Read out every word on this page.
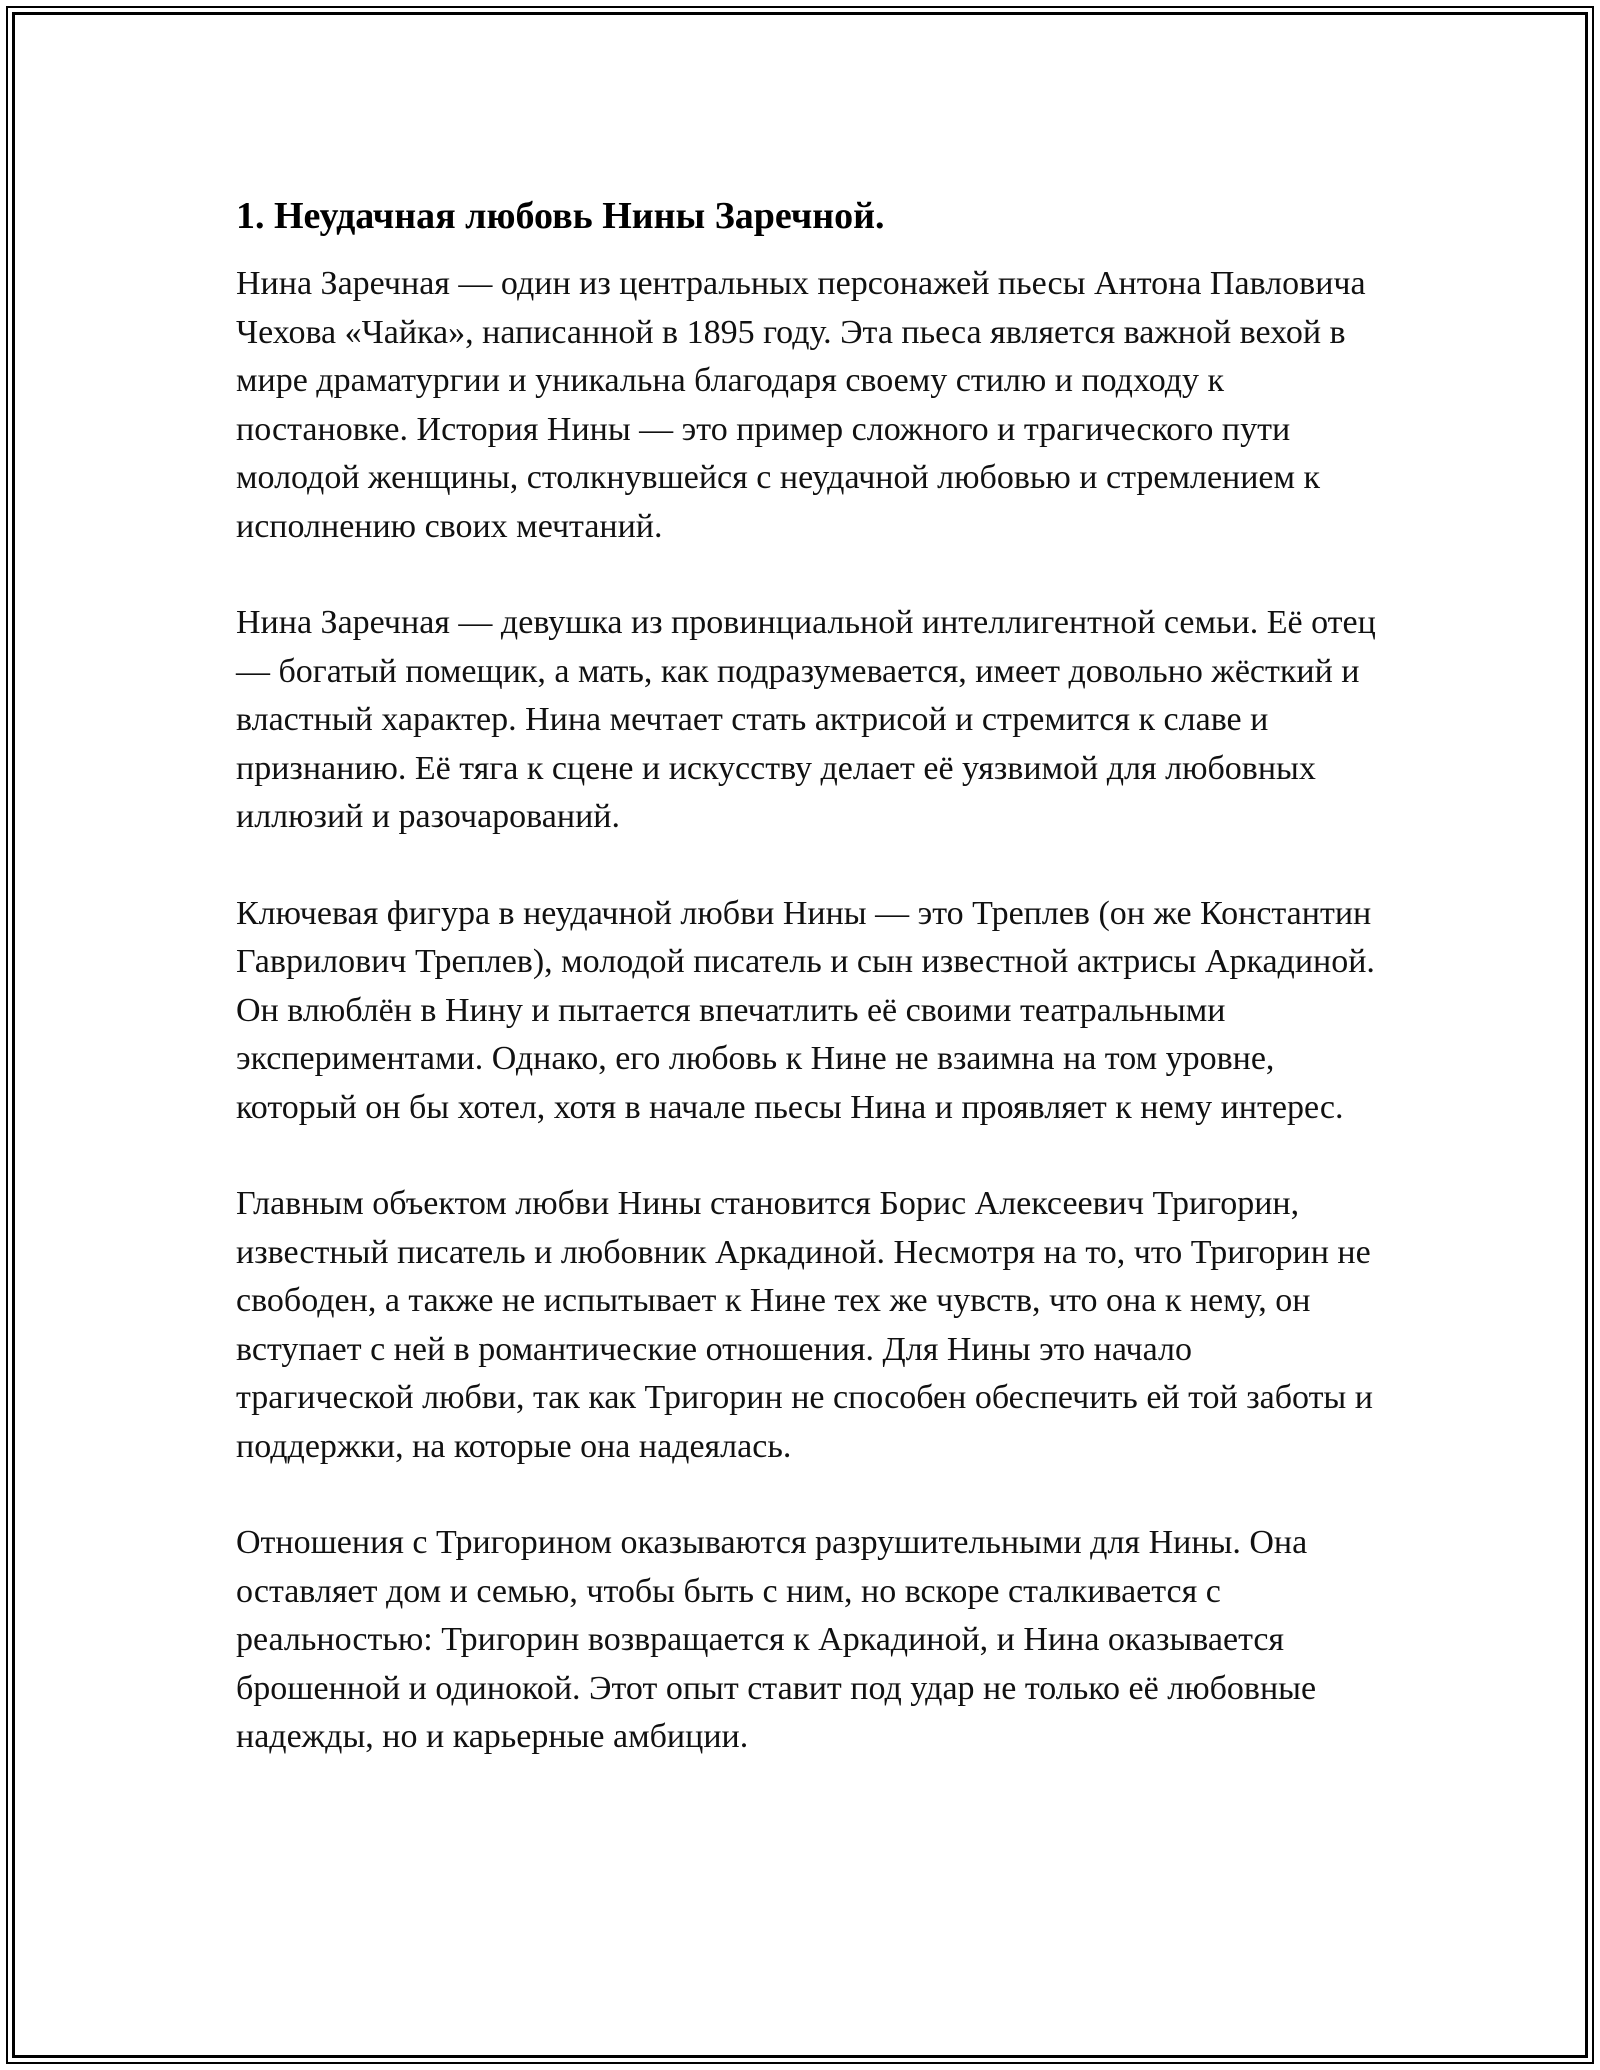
1. Неудачная любовь Нины Заречной.

Нина Заречная — один из центральных персонажей пьесы Антона Павловича Чехова «Чайка», написанной в 1895 году. Эта пьеса является важной вехой в мире драматургии и уникальна благодаря своему стилю и подходу к постановке. История Нины — это пример сложного и трагического пути молодой женщины, столкнувшейся с неудачной любовью и стремлением к исполнению своих мечтаний.

Нина Заречная — девушка из провинциальной интеллигентной семьи. Её отец — богатый помещик, а мать, как подразумевается, имеет довольно жёсткий и властный характер. Нина мечтает стать актрисой и стремится к славе и признанию. Её тяга к сцене и искусству делает её уязвимой для любовных иллюзий и разочарований.

Ключевая фигура в неудачной любви Нины — это Треплев (он же Константин Гаврилович Треплев), молодой писатель и сын известной актрисы Аркадиной. Он влюблён в Нину и пытается впечатлить её своими театральными экспериментами. Однако, его любовь к Нине не взаимна на том уровне, который он бы хотел, хотя в начале пьесы Нина и проявляет к нему интерес.

Главным объектом любви Нины становится Борис Алексеевич Тригорин, известный писатель и любовник Аркадиной. Несмотря на то, что Тригорин не свободен, а также не испытывает к Нине тех же чувств, что она к нему, он вступает с ней в романтические отношения. Для Нины это начало трагической любви, так как Тригорин не способен обеспечить ей той заботы и поддержки, на которые она надеялась.

Отношения с Тригорином оказываются разрушительными для Нины. Она оставляет дом и семью, чтобы быть с ним, но вскоре сталкивается с реальностью: Тригорин возвращается к Аркадиной, и Нина оказывается брошенной и одинокой. Этот опыт ставит под удар не только её любовные надежды, но и карьерные амбиции.
